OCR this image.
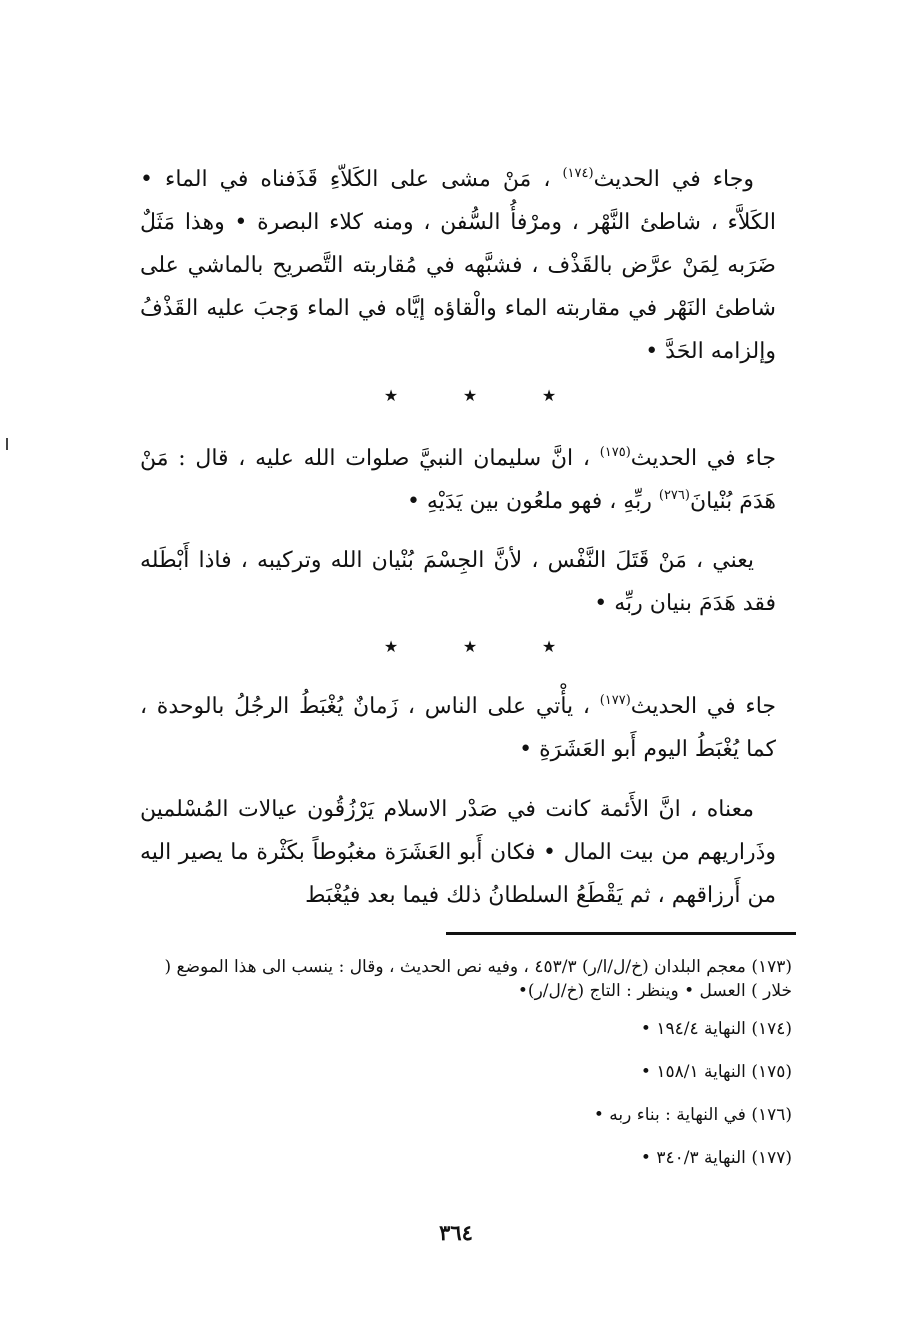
وجاء في الحديث$^{(١٧٤)}$ ، مَنْ مشى على الكَلاّءِ قَذَفناه في الماء • الكَلاَّء ، شاطئ النَّهْر ، ومرْفأُ السُّفن ، ومنه كلاء البصرة • وهذا مَثَلٌ ضَرَبه لِمَنْ عرَّض بالقَذْف ، فشبَّهه في مُقاربته التَّصريح بالماشي على شاطئ النَهْر في مقاربته الماء والْقاؤه إيَّاه في الماء وَجبَ عليه القَذْفُ وإلزامه الحَدَّ •

★	★	★

جاء في الحديث$^{(١٧٥)}$ ، انَّ سليمان النبيَّ صلوات الله عليه ، قال : مَنْ هَدَمَ بُنْيانَ$^{(٢٧٦)}$ ربِّهِ ، فهو ملعُون بين يَدَيْهِ •

يعني ، مَنْ قَتَلَ النَّفْس ، لأنَّ الجِسْمَ بُنْيان الله وتركيبه ، فاذا أَبْطَله فقد هَدَمَ بنيان ربِّه •

★	★	★

جاء في الحديث$^{(١٧٧)}$ ، يأْتي على الناس ، زَمانٌ يُغْبَطُ الرجُلُ بالوحدة ، كما يُغْبَطُ اليوم أَبو العَشَرَةِ •

معناه ، انَّ الأَئمة كانت في صَدْر الاسلام يَرْزُقُون عيالات المُسْلمين وذَراريهم من بيت المال • فكان أَبو العَشَرَة مغبُوطاً بكَثْرة ما يصير اليه من أَرزاقهم ، ثم يَقْطَعُ السلطانُ ذلك فيما بعد فيُغْبَط

(١٧٣) معجم البلدان (خ/ل/ا/ر) ٤٥٣/٣ ، وفيه نص الحديث ، وقال : ينسب الى هذا الموضع ( خلار ) العسل • وينظر : التاج (خ/ل/ر)•

(١٧٤) النهاية ١٩٤/٤ •

(١٧٥) النهاية ١٥٨/١ •

(١٧٦) في النهاية : بناء ربه •

(١٧٧) النهاية ٣٤٠/٣ •

٣٦٤
